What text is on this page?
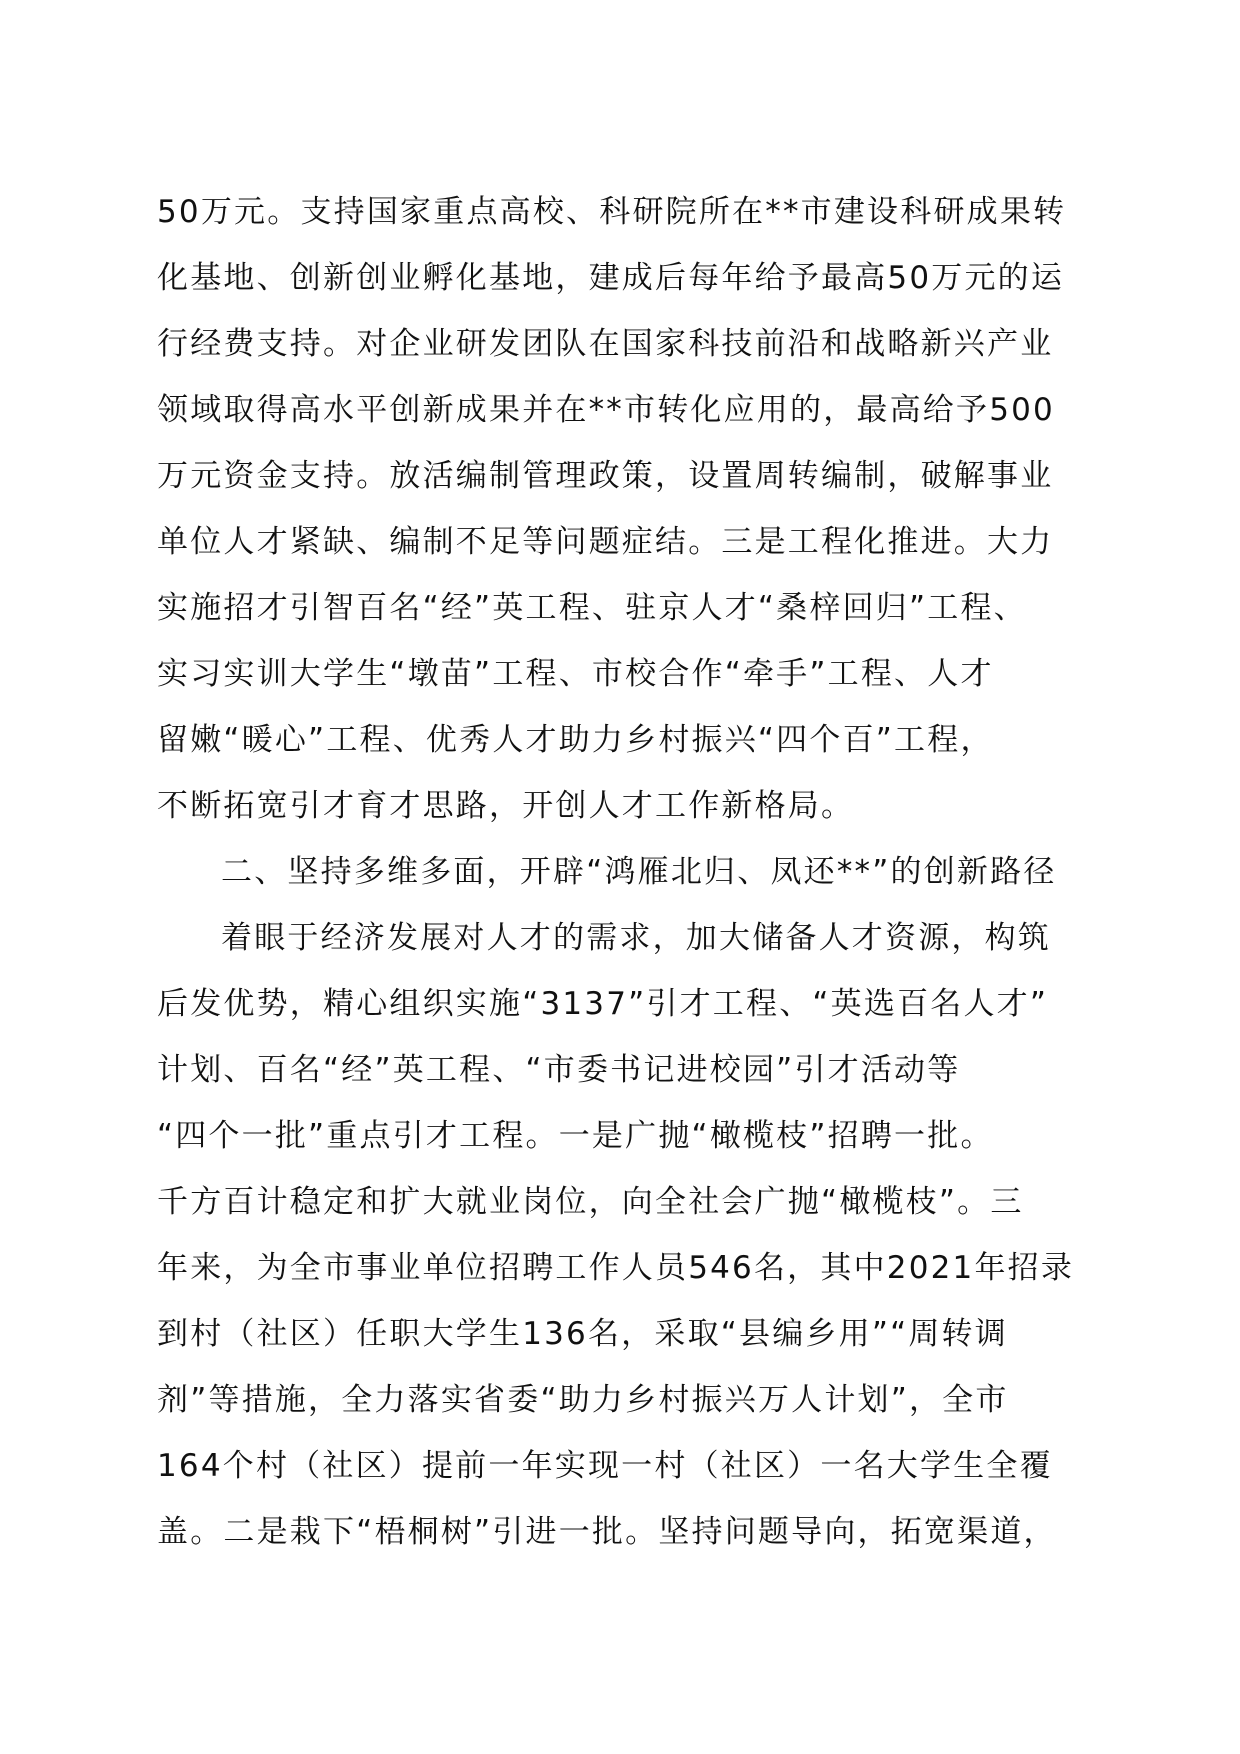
50万元。支持国家重点高校、科研院所在**市建设科研成果转
化基地、创新创业孵化基地，建成后每年给予最高50万元的运
行经费支持。对企业研发团队在国家科技前沿和战略新兴产业
领域取得高水平创新成果并在**市转化应用的，最高给予500
万元资金支持。放活编制管理政策，设置周转编制，破解事业
单位人才紧缺、编制不足等问题症结。三是工程化推进。大力
实施招才引智百名“经”英工程、驻京人才“桑梓回归”工程、
实习实训大学生“墩苗”工程、市校合作“牵手”工程、人才
留嫩“暖心”工程、优秀人才助力乡村振兴“四个百”工程，
不断拓宽引才育才思路，开创人才工作新格局。
二、坚持多维多面，开辟“鸿雁北归、凤还**”的创新路径
着眼于经济发展对人才的需求，加大储备人才资源，构筑
后发优势，精心组织实施“3137”引才工程、“英选百名人才”
计划、百名“经”英工程、“市委书记进校园”引才活动等
“四个一批”重点引才工程。一是广抛“橄榄枝”招聘一批。
千方百计稳定和扩大就业岗位，向全社会广抛“橄榄枝”。三
年来，为全市事业单位招聘工作人员546名，其中2021年招录
到村（社区）任职大学生136名，采取“县编乡用”“周转调
剂”等措施，全力落实省委“助力乡村振兴万人计划”，全市
164个村（社区）提前一年实现一村（社区）一名大学生全覆
盖。二是栽下“梧桐树”引进一批。坚持问题导向，拓宽渠道，
